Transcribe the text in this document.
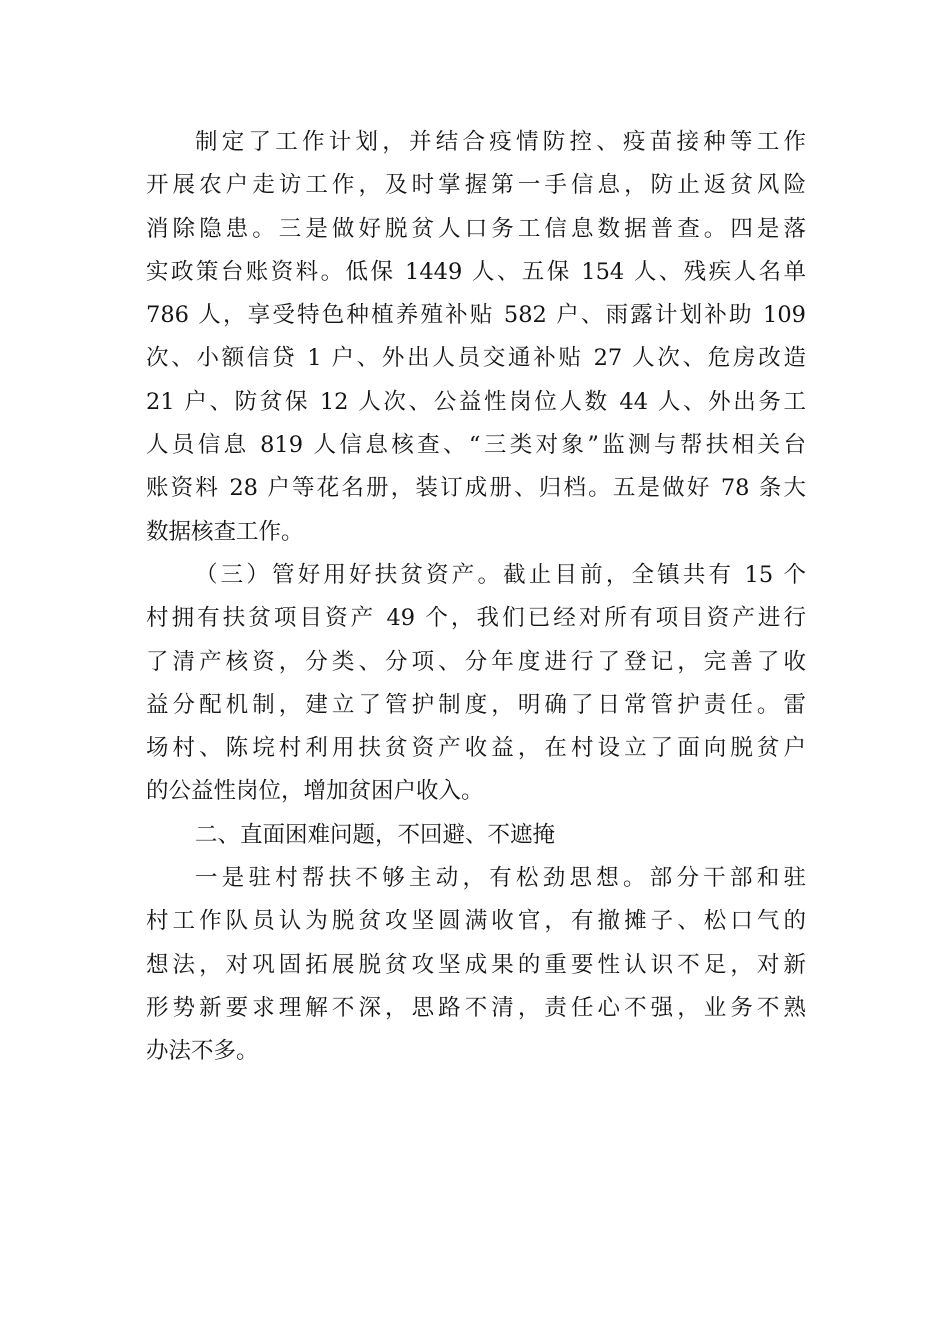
制定了工作计划，并结合疫情防控、疫苗接种等工作
开展农户走访工作，及时掌握第一手信息，防止返贫风险
消除隐患。三是做好脱贫人口务工信息数据普查。四是落
实政策台账资料。低保 1449 人、五保 154 人、残疾人名单
786 人，享受特色种植养殖补贴 582 户、雨露计划补助 109
次、小额信贷 1 户、外出人员交通补贴 27 人次、危房改造
21 户、防贫保 12 人次、公益性岗位人数 44 人、外出务工
人员信息 819 人信息核查、“三类对象”监测与帮扶相关台
账资料 28 户等花名册，装订成册、归档。五是做好 78 条大
数据核查工作。
（三）管好用好扶贫资产。截止目前，全镇共有 15 个
村拥有扶贫项目资产 49 个，我们已经对所有项目资产进行
了清产核资，分类、分项、分年度进行了登记，完善了收
益分配机制，建立了管护制度，明确了日常管护责任。雷
场村、陈垸村利用扶贫资产收益，在村设立了面向脱贫户
的公益性岗位，增加贫困户收入。
二、直面困难问题，不回避、不遮掩
一是驻村帮扶不够主动，有松劲思想。部分干部和驻
村工作队员认为脱贫攻坚圆满收官，有撤摊子、松口气的
想法，对巩固拓展脱贫攻坚成果的重要性认识不足，对新
形势新要求理解不深，思路不清，责任心不强，业务不熟
办法不多。
